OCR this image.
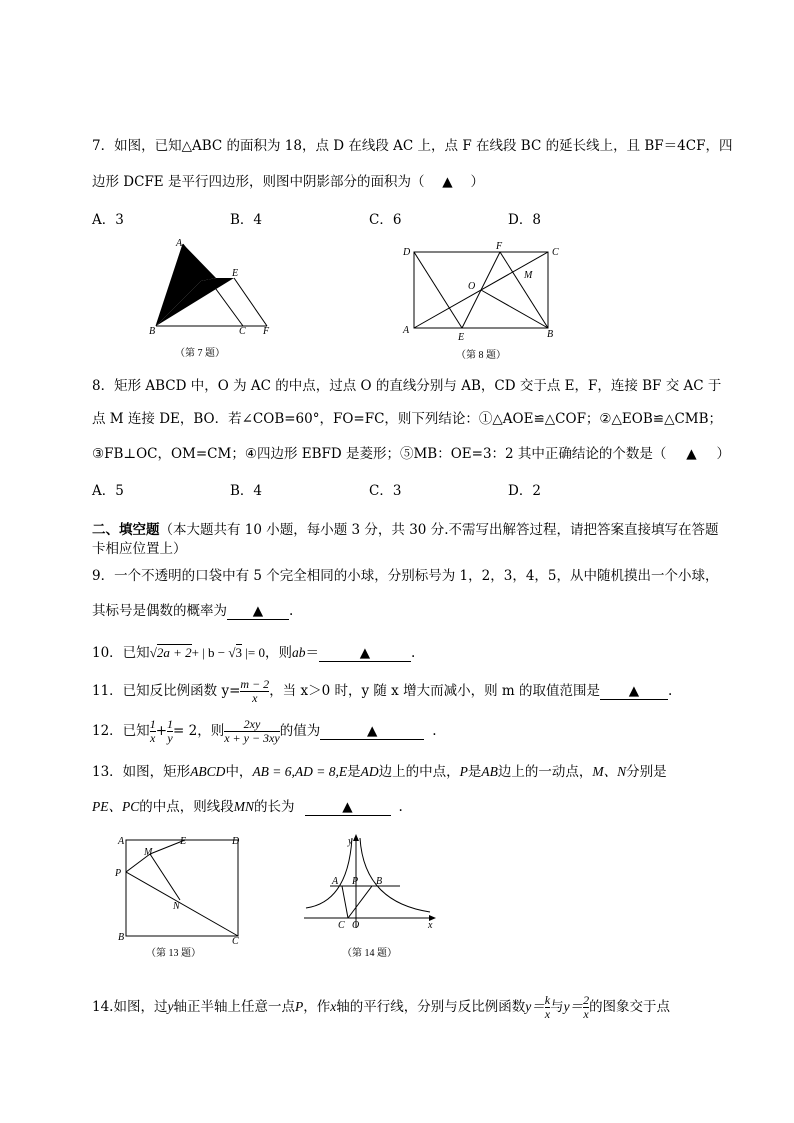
7．如图，已知△ABC 的面积为 18，点 D 在线段 AC 上，点 F 在线段 BC 的延长线上，且 BF＝4CF，四
边形 DCFE 是平行四边形，则图中阴影部分的面积为（ ▲ ）
A．3	B．4	C．6	D．8
A
D
E
B	C F
（第 7 题）
D
F
C
M
O
A
E	B
（第 8 题）
8．矩形 ABCD 中，O 为 AC 的中点，过点 O 的直线分别与 AB，CD 交于点 E，F，连接 BF 交 AC 于
点 M 连接 DE，BO．若∠COB=60°，FO=FC，则下列结论：①△AOE≌△COF；②△EOB≌△CMB；
③FB⊥OC，OM=CM；④四边形 EBFD 是菱形；⑤MB：OE=3：2 其中正确结论的个数是（ ▲ ）
A．5	B．4	C．3	D．2
二、填空题（本大题共有 10 小题，每小题 3 分，共 30 分.不需写出解答过程，请把答案直接填写在答题
卡相应位置上）
9．一个不透明的口袋中有 5 个完全相同的小球，分别标号为 1，2，3，4，5，从中随机摸出一个小球，
其标号是偶数的概率为 ▲ .
10．已知√2a + 2+ | b − √3 |= 0，则ab＝	▲	.
11．已知反比例函数 $y= \frac{m - 2}{x}$ ，当 x＞0 时，y 随 x 增大而减小，则 m 的取值范围是 ▲ .
12．已知 $\frac{1}{x} + \frac{1}{y} = 2$，则 $\frac{2xy}{x + y - 3xy}$ 的值为	▲	.
13．如图，矩形ABCD中，AB = 6,AD = 8,E是AD边上的中点，P是AB边上的一动点，M、N分别是
PE、PC的中点，则线段MN的长为	▲	.
A	E	D
M
P
N
B	C
（第 13 题）
y
A P B
C O	x
（第 14 题）
14.如图，过y轴正半轴上任意一点P，作x轴的平行线，分别与反比例函数$y= \frac{k}{x}$ 与$y= \frac{2}{x}$ 的图象交于点
